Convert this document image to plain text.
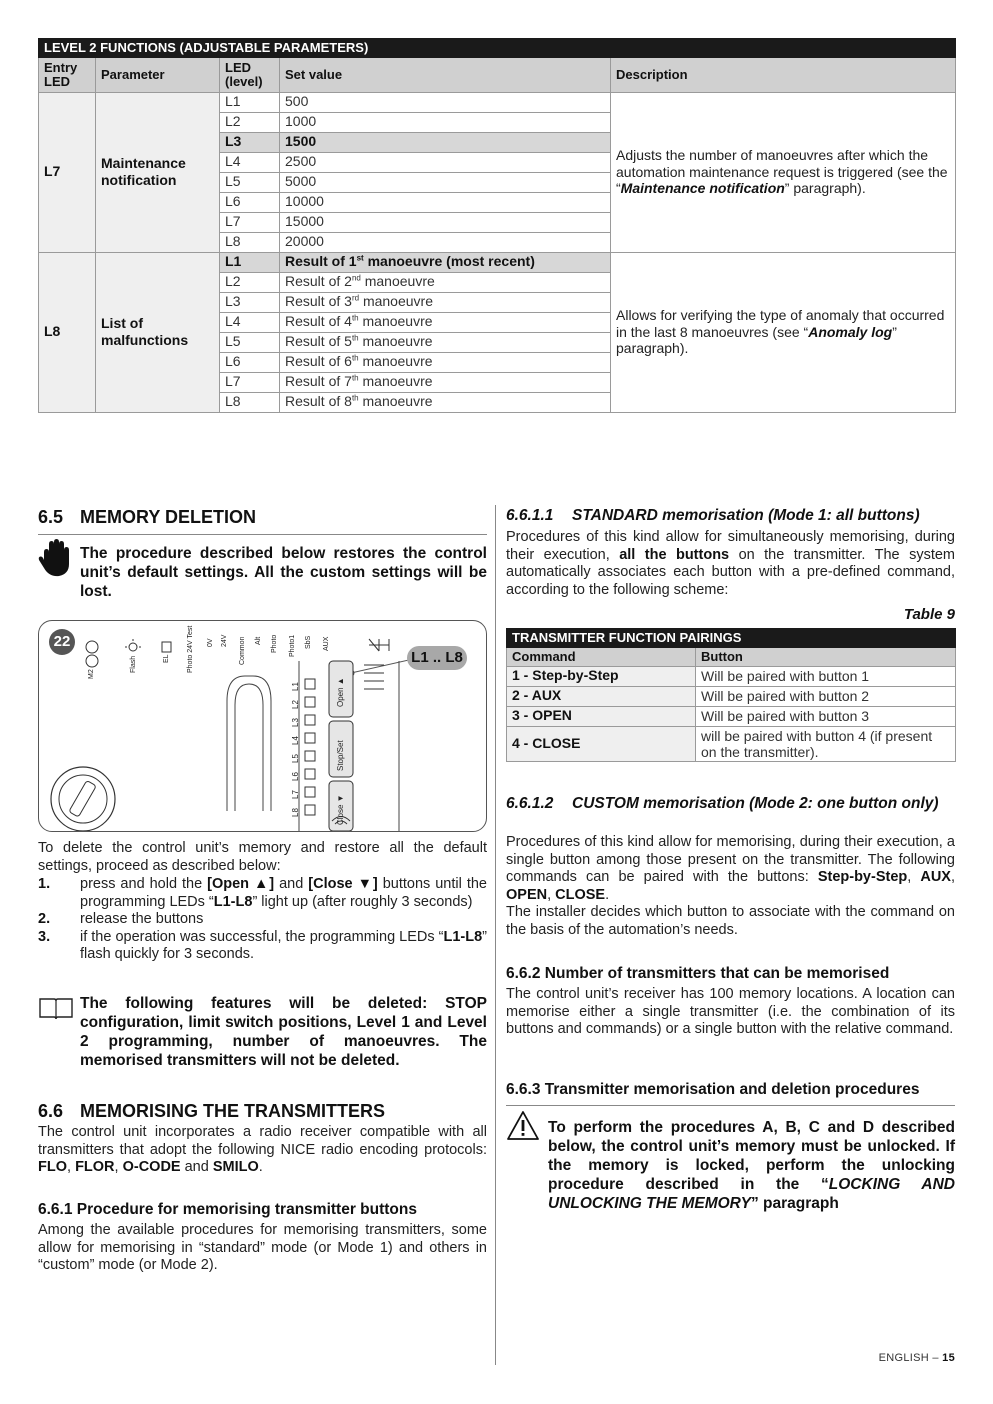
LEVEL 2 FUNCTIONS (ADJUSTABLE PARAMETERS)				
Entry LED	Parameter	LED (level)	Set value	Description
L7	Maintenance notification	L1	500	Adjusts the number of manoeuvres after which the automation maintenance request is triggered (see the “Maintenance notification” paragraph).
		L2	1000	
		L3	1500	
		L4	2500	
		L5	5000	
		L6	10000	
		L7	15000	
		L8	20000	
L8	List of malfunctions	L1	Result of 1st manoeuvre (most recent)	Allows for verifying the type of anomaly that occurred in the last 8 manoeuvres (see “Anomaly log” paragraph).
		L2	Result of 2nd manoeuvre	
		L3	Result of 3rd manoeuvre	
		L4	Result of 4th manoeuvre	
		L5	Result of 5th manoeuvre	
		L6	Result of 6th manoeuvre	
		L7	Result of 7th manoeuvre	
		L8	Result of 8th manoeuvre	
6.5 MEMORY DELETION
The procedure described below restores the control unit’s default settings. All the custom settings will be lost.
22
L1 .. L8
M2
Flash	EL Photo 24V Test 0V 24V Common Alt Photo Photo1 SbS AUX
L1
L2
L3
L4
L5
L6
L7
L8
Open ▲
Stop/Set
Close ▼
To delete the control unit’s memory and restore all the default settings, proceed as described below:
1. press and hold the [Open ▲] and [Close ▼] buttons until the programming LEDs “L1-L8” light up (after roughly 3 seconds)
2. release the buttons
3. if the operation was successful, the programming LEDs “L1-L8” flash quickly for 3 seconds.
The following features will be deleted: STOP configuration, limit switch positions, Level 1 and Level 2 programming, number of manoeuvres. The memorised transmitters will not be deleted.
6.6 MEMORISING THE TRANSMITTERS
The control unit incorporates a radio receiver compatible with all transmitters that adopt the following NICE radio encoding protocols: FLO, FLOR, O-CODE and SMILO.
6.6.1 Procedure for memorising transmitter buttons
Among the available procedures for memorising transmitters, some allow for memorising in “standard” mode (or Mode 1) and others in “custom” mode (or Mode 2).
6.6.1.1 STANDARD memorisation (Mode 1: all buttons)
Procedures of this kind allow for simultaneously memorising, during their execution, all the buttons on the transmitter. The system automatically associates each button with a pre-defined command, according to the following scheme:
Table 9
TRANSMITTER FUNCTION PAIRINGS	
Command	Button
1 - Step-by-Step	Will be paired with button 1
2 - AUX	Will be paired with button 2
3 - OPEN	Will be paired with button 3
4 - CLOSE	will be paired with button 4 (if present on the transmitter).
6.6.1.2 CUSTOM memorisation (Mode 2: one button only)
Procedures of this kind allow for memorising, during their execution, a single button among those present on the transmitter. The following commands can be paired with the buttons: Step-by-Step, AUX, OPEN, CLOSE.
The installer decides which button to associate with the command on the basis of the automation’s needs.
6.6.2 Number of transmitters that can be memorised
The control unit’s receiver has 100 memory locations. A location can memorise either a single transmitter (i.e. the combination of its buttons and commands) or a single button with the relative command.
6.6.3 Transmitter memorisation and deletion procedures
To perform the procedures A, B, C and D described below, the control unit’s memory must be unlocked. If the memory is locked, perform the unlocking procedure described in the “LOCKING AND UNLOCKING THE MEMORY” paragraph
ENGLISH – 15
